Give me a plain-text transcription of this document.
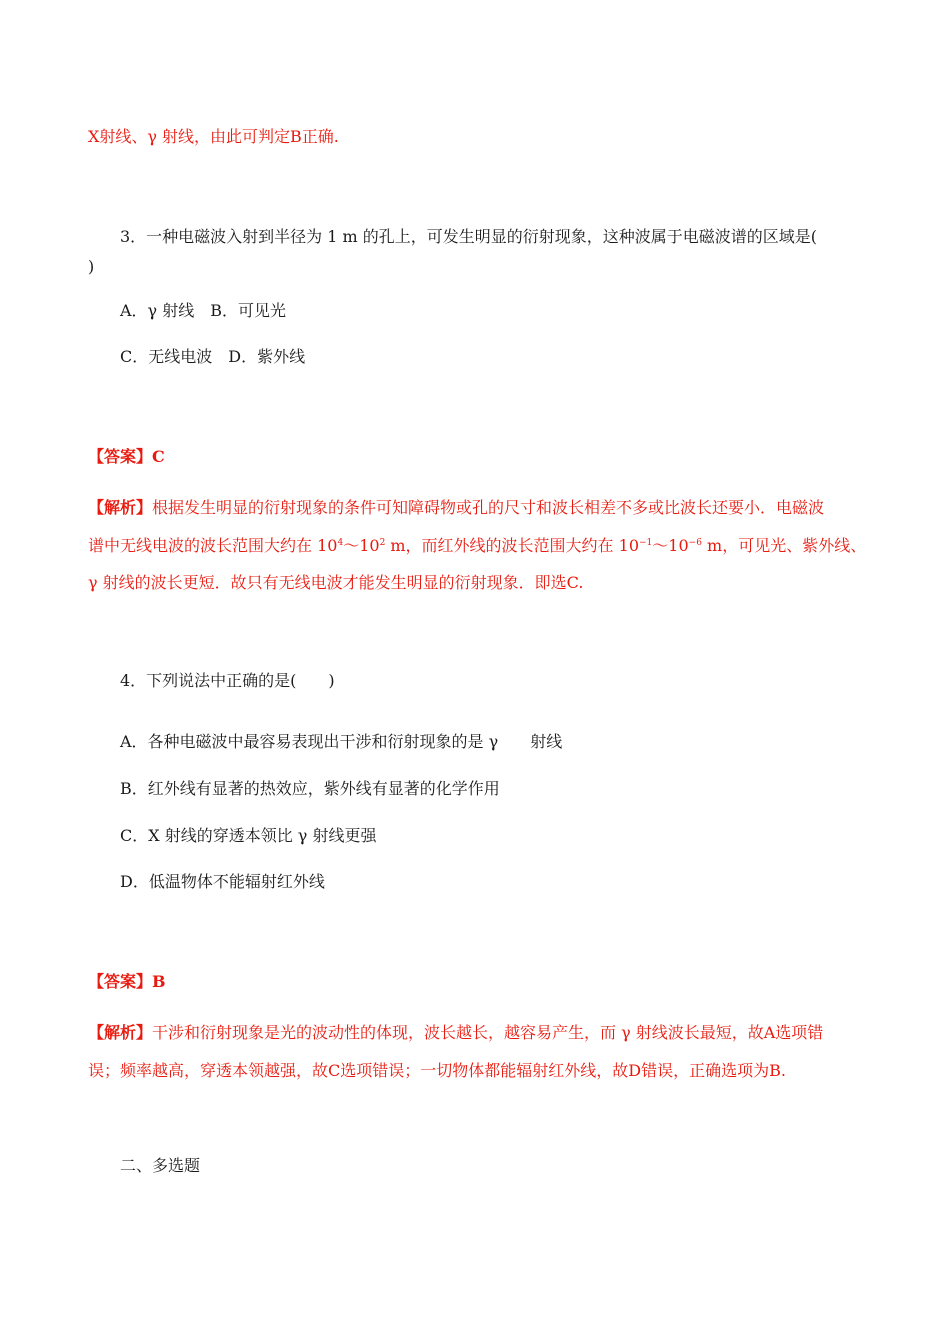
X射线、γ 射线，由此可判定B正确.
3．一种电磁波入射到半径为 1 m 的孔上，可发生明显的衍射现象，这种波属于电磁波谱的区域是(
)
A．γ 射线　B．可见光
C．无线电波　D．紫外线
【答案】C
【解析】根据发生明显的衍射现象的条件可知障碍物或孔的尺寸和波长相差不多或比波长还要小．电磁波
谱中无线电波的波长范围大约在 $10^4\sim 10^2$ m，而红外线的波长范围大约在 $10^{-1}\sim 10^{-6}$ m，可见光、紫外线、
γ 射线的波长更短．故只有无线电波才能发生明显的衍射现象．即选C.
4．下列说法中正确的是(　　)
A．各种电磁波中最容易表现出干涉和衍射现象的是 γ　　射线
B．红外线有显著的热效应，紫外线有显著的化学作用
C．X 射线的穿透本领比 γ 射线更强
D．低温物体不能辐射红外线
【答案】B
【解析】干涉和衍射现象是光的波动性的体现，波长越长，越容易产生，而 γ 射线波长最短，故A选项错
误；频率越高，穿透本领越强，故C选项错误；一切物体都能辐射红外线，故D错误，正确选项为B.
二、多选题
